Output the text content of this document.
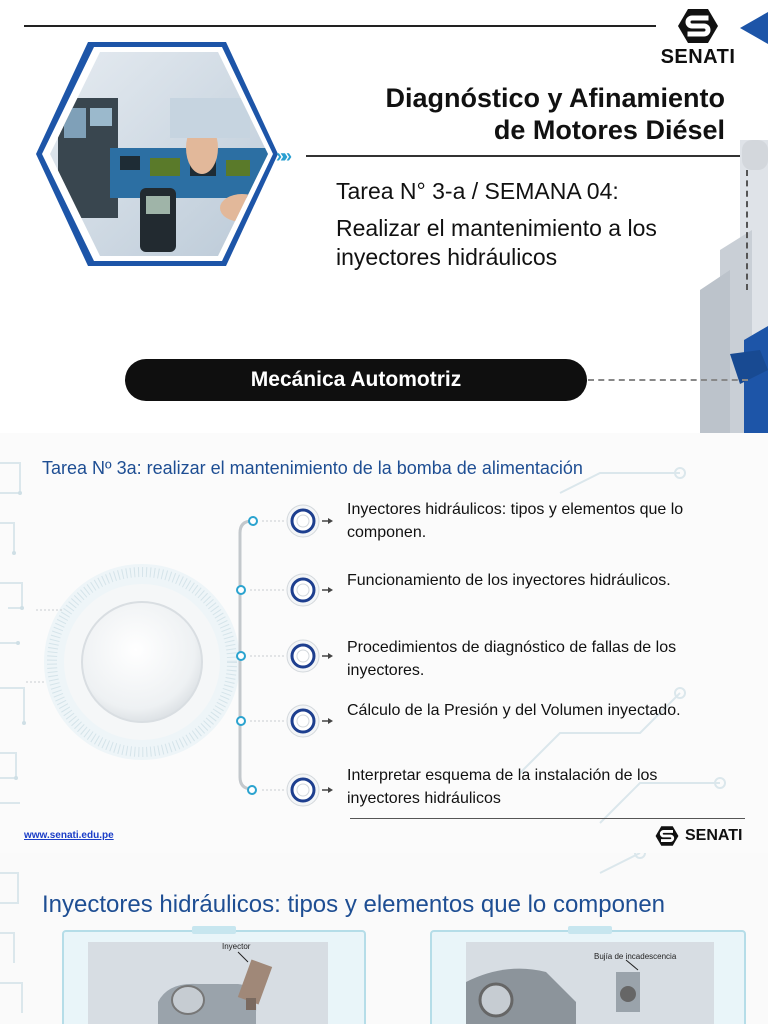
SENATI
Diagnóstico y Afinamiento
de Motores Diésel
»»
Tarea N° 3-a / SEMANA 04:
Realizar el mantenimiento a los inyectores hidráulicos
Mecánica Automotriz
Tarea Nº 3a: realizar el mantenimiento de la bomba de alimentación
Inyectores hidráulicos: tipos y elementos que lo componen.
Funcionamiento de los inyectores hidráulicos.
Procedimientos de diagnóstico de fallas de los inyectores.
Cálculo de la Presión y del Volumen inyectado.
Interpretar esquema de la instalación de los inyectores hidráulicos
www.senati.edu.pe	SENATI
Inyectores hidráulicos: tipos y elementos que lo componen
Inyector
Bujía de incadescencia
